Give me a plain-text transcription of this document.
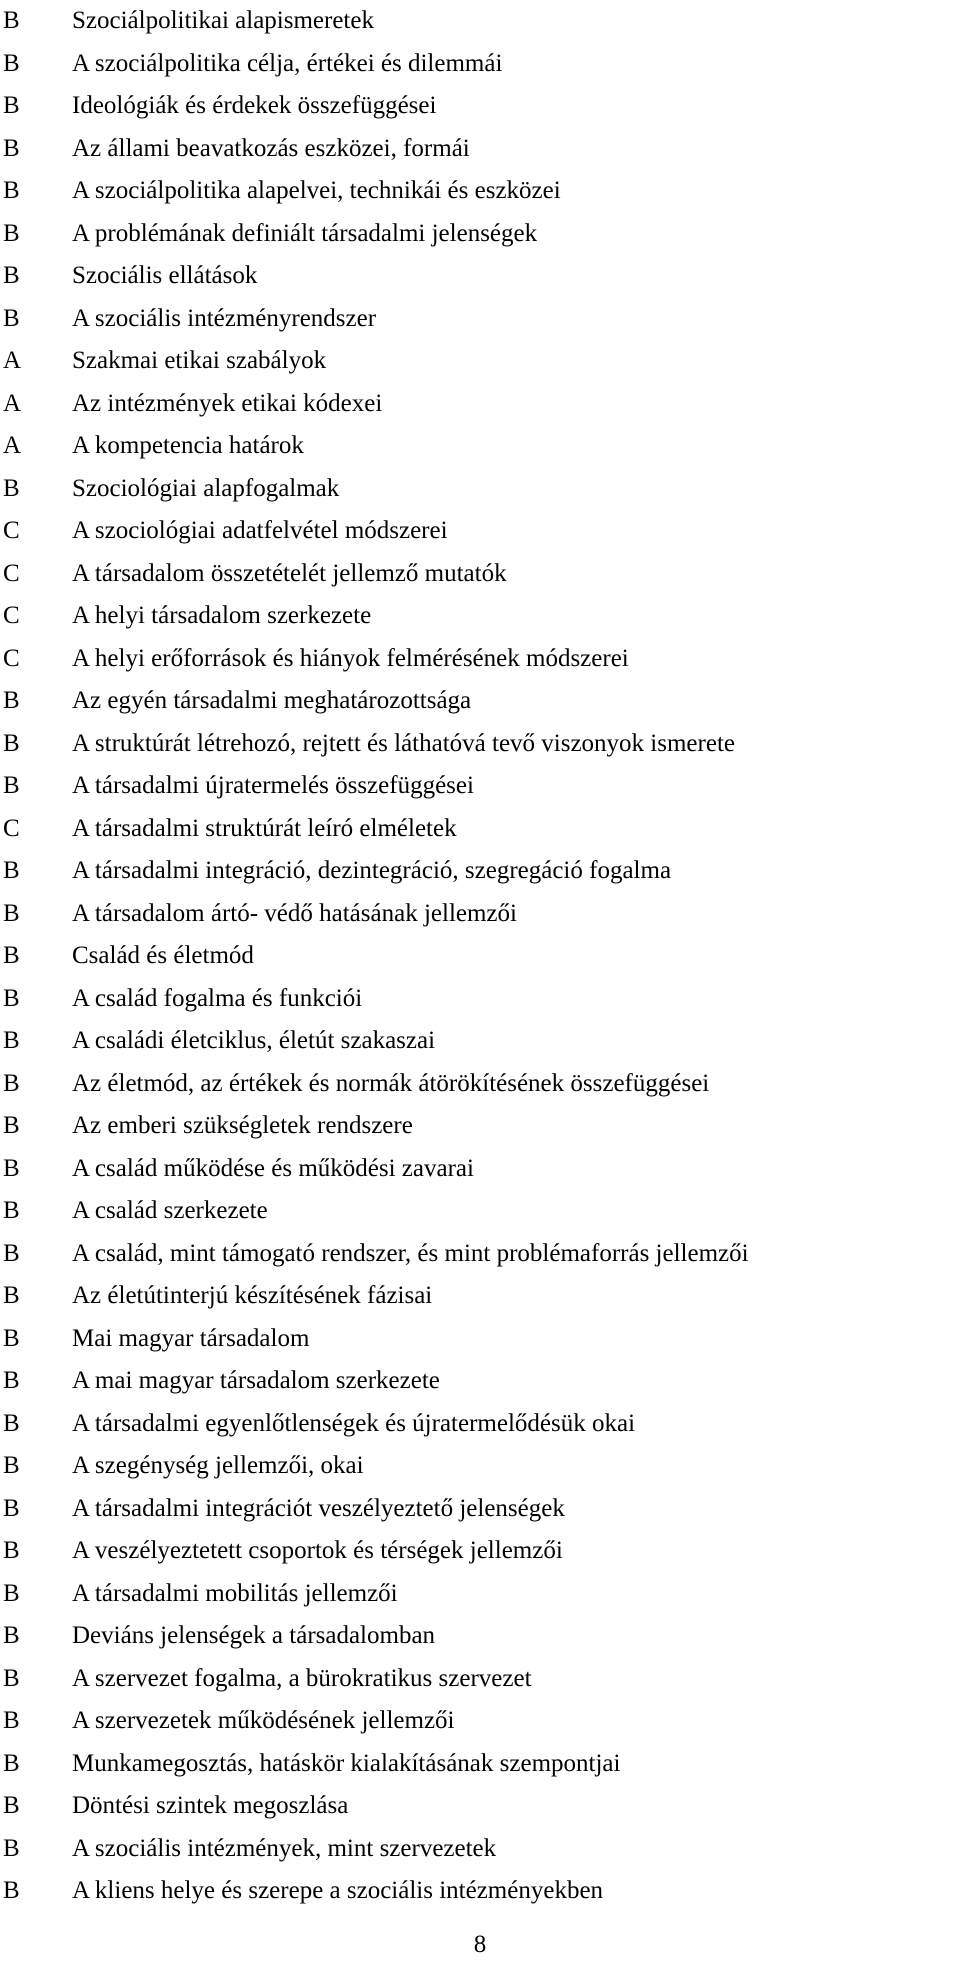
B Szociálpolitikai alapismeretek
B A szociálpolitika célja, értékei és dilemmái
B Ideológiák és érdekek összefüggései
B Az állami beavatkozás eszközei, formái
B A szociálpolitika alapelvei, technikái és eszközei
B A problémának definiált társadalmi jelenségek
B Szociális ellátások
B A szociális intézményrendszer
A Szakmai etikai szabályok
A Az intézmények etikai kódexei
A A kompetencia határok
B Szociológiai alapfogalmak
C A szociológiai adatfelvétel módszerei
C A társadalom összetételét jellemző mutatók
C A helyi társadalom szerkezete
C A helyi erőforrások és hiányok felmérésének módszerei
B Az egyén társadalmi meghatározottsága
B A struktúrát létrehozó, rejtett és láthatóvá tevő viszonyok ismerete
B A társadalmi újratermelés összefüggései
C A társadalmi struktúrát leíró elméletek
B A társadalmi integráció, dezintegráció, szegregáció fogalma
B A társadalom ártó- védő hatásának jellemzői
B Család és életmód
B A család fogalma és funkciói
B A családi életciklus, életút szakaszai
B Az életmód, az értékek és normák átörökítésének összefüggései
B Az emberi szükségletek rendszere
B A család működése és működési zavarai
B A család szerkezete
B A család, mint támogató rendszer, és mint problémaforrás jellemzői
B Az életútinterjú készítésének fázisai
B Mai magyar társadalom
B A mai magyar társadalom szerkezete
B A társadalmi egyenlőtlenségek és újratermelődésük okai
B A szegénység jellemzői, okai
B A társadalmi integrációt veszélyeztető jelenségek
B A veszélyeztetett csoportok és térségek jellemzői
B A társadalmi mobilitás jellemzői
B Deviáns jelenségek a társadalomban
B A szervezet fogalma, a bürokratikus szervezet
B A szervezetek működésének jellemzői
B Munkamegosztás, hatáskör kialakításának szempontjai
B Döntési szintek megoszlása
B A szociális intézmények, mint szervezetek
B A kliens helye és szerepe a szociális intézményekben
8
